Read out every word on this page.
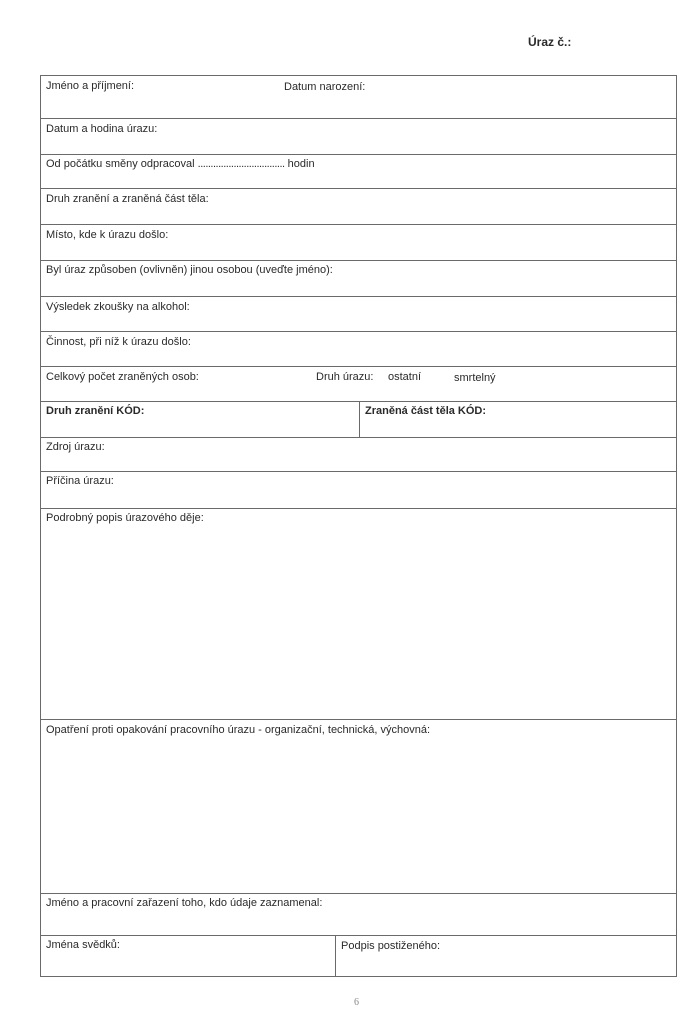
Úraz č.:
Jméno a příjmení:	Datum narození:
Datum a hodina úrazu:
Od počátku směny odpracoval .................................. hodin
Druh zranění a zraněná část těla:
Místo, kde k úrazu došlo:
Byl úraz způsoben (ovlivněn) jinou osobou (uveďte jméno):
Výsledek zkoušky na alkohol:
Činnost, při níž k úrazu došlo:
Celkový počet zraněných osob:	Druh úrazu: ostatní	smrtelný
Druh zranění KÓD:	Zraněná část těla KÓD:
Zdroj úrazu:
Příčina úrazu:
Podrobný popis úrazového děje:
Opatření proti opakování pracovního úrazu - organizační, technická, výchovná:
Jméno a pracovní zařazení toho, kdo údaje zaznamenal:
Jména svědků:	Podpis postiženého:
6
